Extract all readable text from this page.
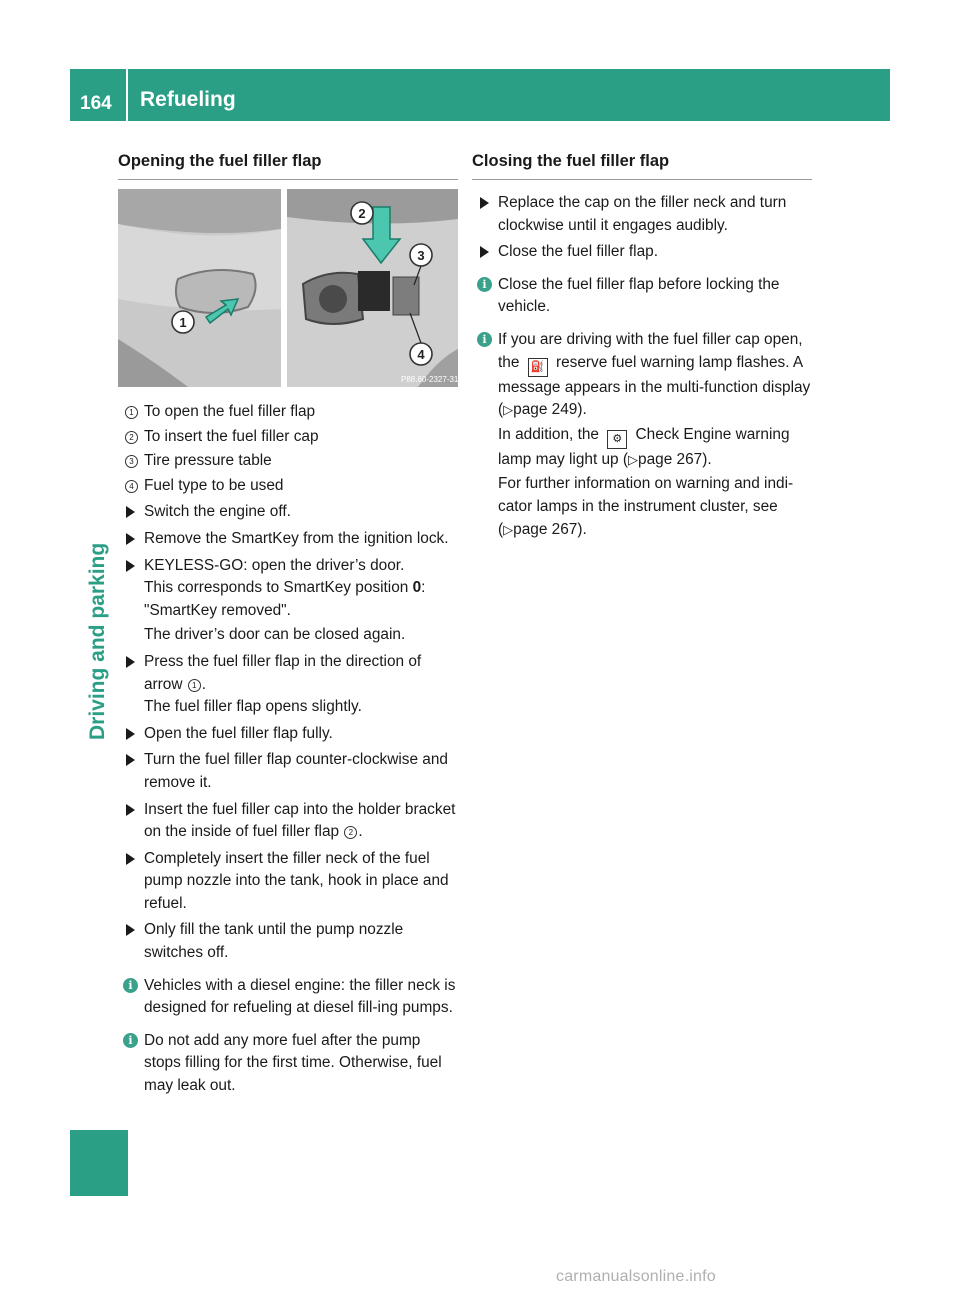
164 Refueling
Driving and parking
Opening the fuel filler flap
1
2
3
4
P88.60-2327-31
1 To open the fuel filler flap
2 To insert the fuel filler cap
3 Tire pressure table
4 Fuel type to be used
Switch the engine off.
Remove the SmartKey from the ignition lock.

KEYLESS-GO: open the driver’s door.

This corresponds to SmartKey position 0:

"SmartKey removed".

The driver’s door can be closed again.

Press the fuel filler flap in the direction of arrow 1 .

The fuel filler flap opens slightly.

Open the fuel filler flap fully.
Turn the fuel filler flap counter-clockwise and remove it.
Insert the fuel filler cap into the holder bracket on the inside of fuel filler flap 2 .
Completely insert the filler neck of the fuel pump nozzle into the tank, hook in place and refuel.
Only fill the tank until the pump nozzle switches off.
i Vehicles with a diesel engine: the filler neck is designed for refueling at diesel fill-ing pumps.
i Do not add any more fuel after the pump stops filling for the first time. Otherwise, fuel may leak out.
Closing the fuel filler flap
Replace the cap on the filler neck and turn clockwise until it engages audibly.
Close the fuel filler flap.
i Close the fuel filler flap before locking the vehicle.
i If you are driving with the fuel filler cap open, the ⛽ reserve fuel warning lamp flashes. A message appears in the multi-function display (▷page 249).

In addition, the ⚙ Check Engine warning lamp may light up (▷page 267).

For further information on warning and indi-cator lamps in the instrument cluster, see (▷page 267).

carmanualsonline.info
